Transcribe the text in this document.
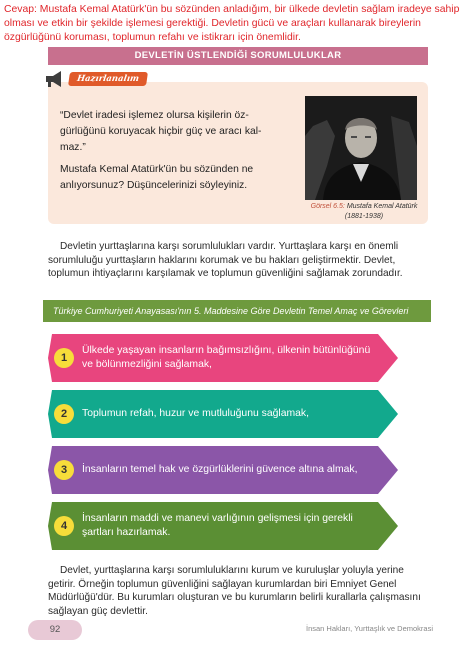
Cevap: Mustafa Kemal Atatürk'ün bu sözünden anladığım, bir ülkede devletin sağlam iradeye sahip olması ve etkin bir şekilde işlemesi gerektiği. Devletin gücü ve araçları kullanarak bireylerin özgürlüğünü koruması, toplumun refahı ve istikrarı için önemlidir.
DEVLETİN ÜSTLENDİĞİ SORUMLULUKLAR
Hazırlanalım
“Devlet iradesi işlemez olursa kişilerin öz-gürlüğünü koruyacak hiçbir güç ve aracı kal-maz.”
Mustafa Kemal Atatürk'ün bu sözünden ne anlıyorsunuz? Düşüncelerinizi söyleyiniz.
Görsel 6.5: Mustafa Kemal Atatürk
(1881-1938)
Devletin yurttaşlarına karşı sorumlulukları vardır. Yurttaşlara karşı en önemli sorumluluğu yurttaşların haklarını korumak ve bu hakları geliştirmektir. Devlet, toplumun ihtiyaçlarını karşılamak ve toplumun güvenliğini sağlamak zorundadır.
Türkiye Cumhuriyeti Anayasası'nın 5. Maddesine Göre Devletin Temel Amaç ve Görevleri
1
Ülkede yaşayan insanların bağımsızlığını, ülkenin bütünlüğünü ve bölünmezliğini sağlamak,
2	Toplumun refah, huzur ve mutluluğunu sağlamak,
3	İnsanların temel hak ve özgürlüklerini güvence altına almak,
4
İnsanların maddi ve manevi varlığının gelişmesi için gerekli şartları hazırlamak.
Devlet, yurttaşlarına karşı sorumluluklarını kurum ve kuruluşlar yoluyla yerine getirir. Örneğin toplumun güvenliğini sağlayan kurumlardan biri Emniyet Genel Müdürlüğü'dür. Bu kurumları oluşturan ve bu kurumların belirli kurallarla çalışmasını sağlayan güç devlettir.
92	İnsan Hakları, Yurttaşlık ve Demokrasi
